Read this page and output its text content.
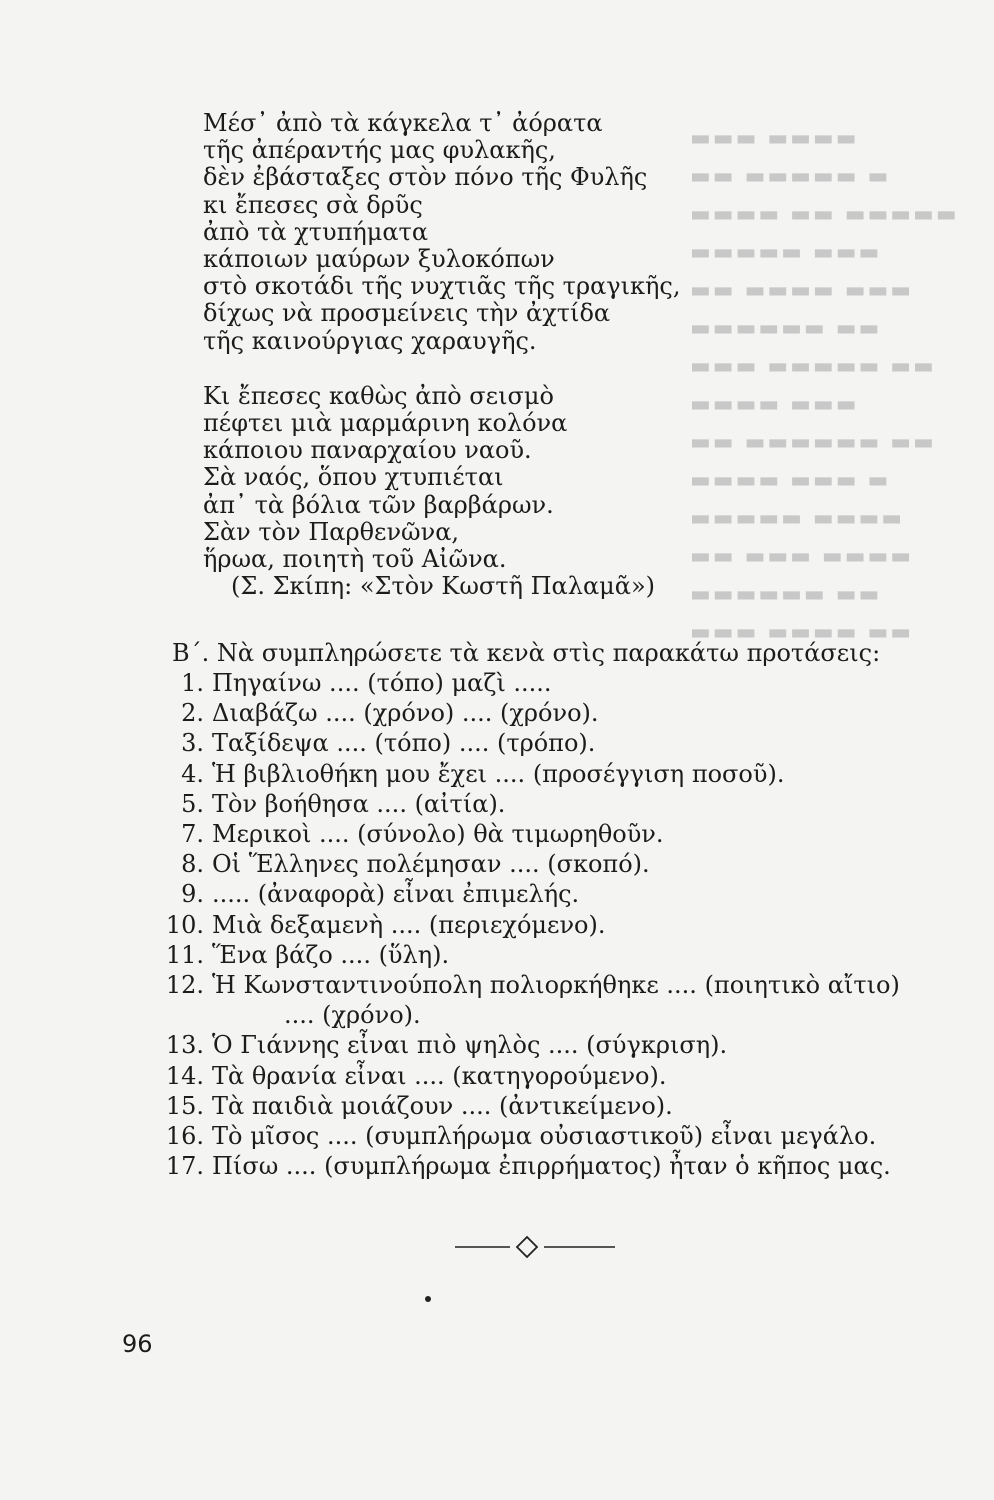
▬▬▬ ▬▬▬▬
▬▬ ▬▬▬▬▬ ▬
▬▬▬▬ ▬▬ ▬▬▬▬▬
▬▬▬▬▬ ▬▬▬
▬▬ ▬▬▬▬ ▬▬▬
▬▬▬▬▬▬ ▬▬
▬▬▬ ▬▬▬▬▬ ▬▬
▬▬▬▬ ▬▬▬
▬▬ ▬▬▬▬▬▬ ▬▬
▬▬▬▬ ▬▬▬ ▬
▬▬▬▬▬ ▬▬▬▬
▬▬ ▬▬▬ ▬▬▬▬
▬▬▬▬▬▬ ▬▬
▬▬▬ ▬▬▬▬ ▬▬
Μέσ᾽ ἀπὸ τὰ κάγκελα τ᾽ ἀόρατα
τῆς ἀπέραντής μας φυλακῆς,
δὲν ἐβάσταξες στὸν πόνο τῆς Φυλῆς
κι ἔπεσες σὰ δρῦς
ἀπὸ τὰ χτυπήματα
κάποιων μαύρων ξυλοκόπων
στὸ σκοτάδι τῆς νυχτιᾶς τῆς τραγικῆς,
δίχως νὰ προσμείνεις τὴν ἀχτίδα
τῆς καινούργιας χαραυγῆς.
Κι ἔπεσες καθὼς ἀπὸ σεισμὸ
πέφτει μιὰ μαρμάρινη κολόνα
κάποιου παναρχαίου ναοῦ.
Σὰ ναός, ὅπου χτυπιέται
ἀπ᾽ τὰ βόλια τῶν βαρβάρων.
Σὰν τὸν Παρθενῶνα,
ἥρωα, ποιητὴ τοῦ Αἰῶνα.
(Σ. Σκίπη: «Στὸν Κωστῆ Παλαμᾶ»)
Β΄. Νὰ συμπληρώσετε τὰ κενὰ στὶς παρακάτω προτάσεις:
1. Πηγαίνω .... (τόπο) μαζὶ .....
2. Διαβάζω .... (χρόνο) .... (χρόνο).
3. Ταξίδεψα .... (τόπο) .... (τρόπο).
4. Ἡ βιβλιοθήκη μου ἔχει .... (προσέγγιση ποσοῦ).
5. Τὸν βοήθησα .... (αἰτία).
7. Μερικοὶ .... (σύνολο) θὰ τιμωρηθοῦν.
8. Οἱ Ἕλληνες πολέμησαν .... (σκοπό).
9. ..... (ἀναφορὰ) εἶναι ἐπιμελής.
10. Μιὰ δεξαμενὴ .... (περιεχόμενο).
11. Ἕνα βάζο .... (ὕλη).
12. Ἡ Κωνσταντινούπολη πολιορκήθηκε .... (ποιητικὸ αἴτιο)
.... (χρόνο).
13. Ὁ Γιάννης εἶναι πιὸ ψηλὸς .... (σύγκριση).
14. Τὰ θρανία εἶναι .... (κατηγορούμενο).
15. Τὰ παιδιὰ μοιάζουν .... (ἀντικείμενο).
16. Τὸ μῖσος .... (συμπλήρωμα οὐσιαστικοῦ) εἶναι μεγάλο.
17. Πίσω .... (συμπλήρωμα ἐπιρρήματος) ἦταν ὁ κῆπος μας.
96
